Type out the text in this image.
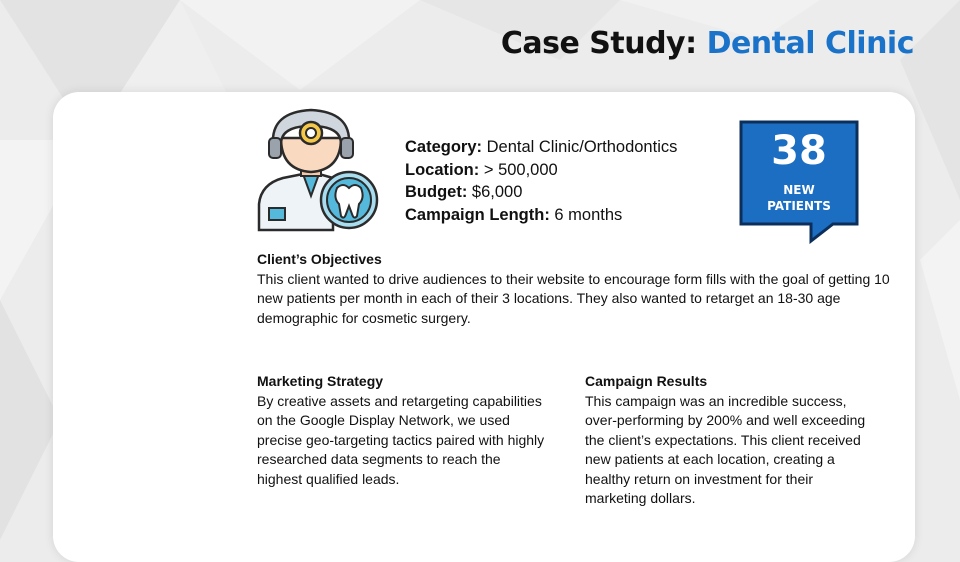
Case Study: Dental Clinic
Category: Dental Clinic/Orthodontics
Location: > 500,000
Budget: $6,000
Campaign Length: 6 months
38
NEW
PATIENTS
Client’s Objectives
This client wanted to drive audiences to their website to encourage form fills with the goal of getting 10 new patients per month in each of their 3 locations. They also wanted to retarget an 18-30 age demographic for cosmetic surgery.
Marketing Strategy
By creative assets and retargeting capabilities on the Google Display Network, we used precise geo-targeting tactics paired with highly researched data segments to reach the highest qualified leads.
Campaign Results
This campaign was an incredible success, over-performing by 200% and well exceeding the client’s expectations. This client received new patients at each location, creating a healthy return on investment for their marketing dollars.
